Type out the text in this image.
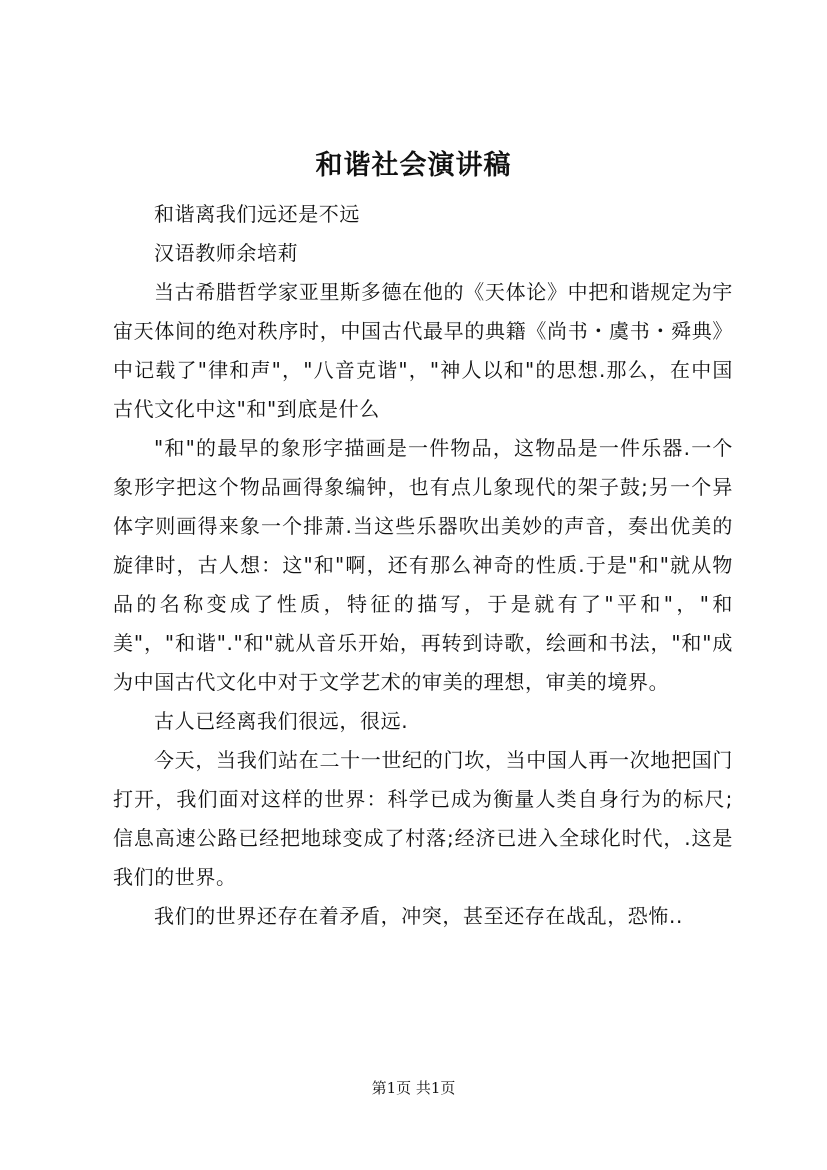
和谐社会演讲稿

和谐离我们远还是不远

汉语教师余培莉

当古希腊哲学家亚里斯多德在他的《天体论》中把和谐规定为宇宙天体间的绝对秩序时，中国古代最早的典籍《尚书・虞书・舜典》中记载了"律和声"，"八音克谐"，"神人以和"的思想.那么，在中国古代文化中这"和"到底是什么

"和"的最早的象形字描画是一件物品，这物品是一件乐器.一个象形字把这个物品画得象编钟，也有点儿象现代的架子鼓;另一个异体字则画得来象一个排萧.当这些乐器吹出美妙的声音，奏出优美的旋律时，古人想：这"和"啊，还有那么神奇的性质.于是"和"就从物品的名称变成了性质，特征的描写，于是就有了"平和"，"和美"，"和谐"."和"就从音乐开始，再转到诗歌，绘画和书法，"和"成为中国古代文化中对于文学艺术的审美的理想，审美的境界。

古人已经离我们很远，很远.

今天，当我们站在二十一世纪的门坎，当中国人再一次地把国门打开，我们面对这样的世界：科学已成为衡量人类自身行为的标尺;信息高速公路已经把地球变成了村落;经济已进入全球化时代，.这是我们的世界。

我们的世界还存在着矛盾，冲突，甚至还存在战乱，恐怖..

第1页 共1页
